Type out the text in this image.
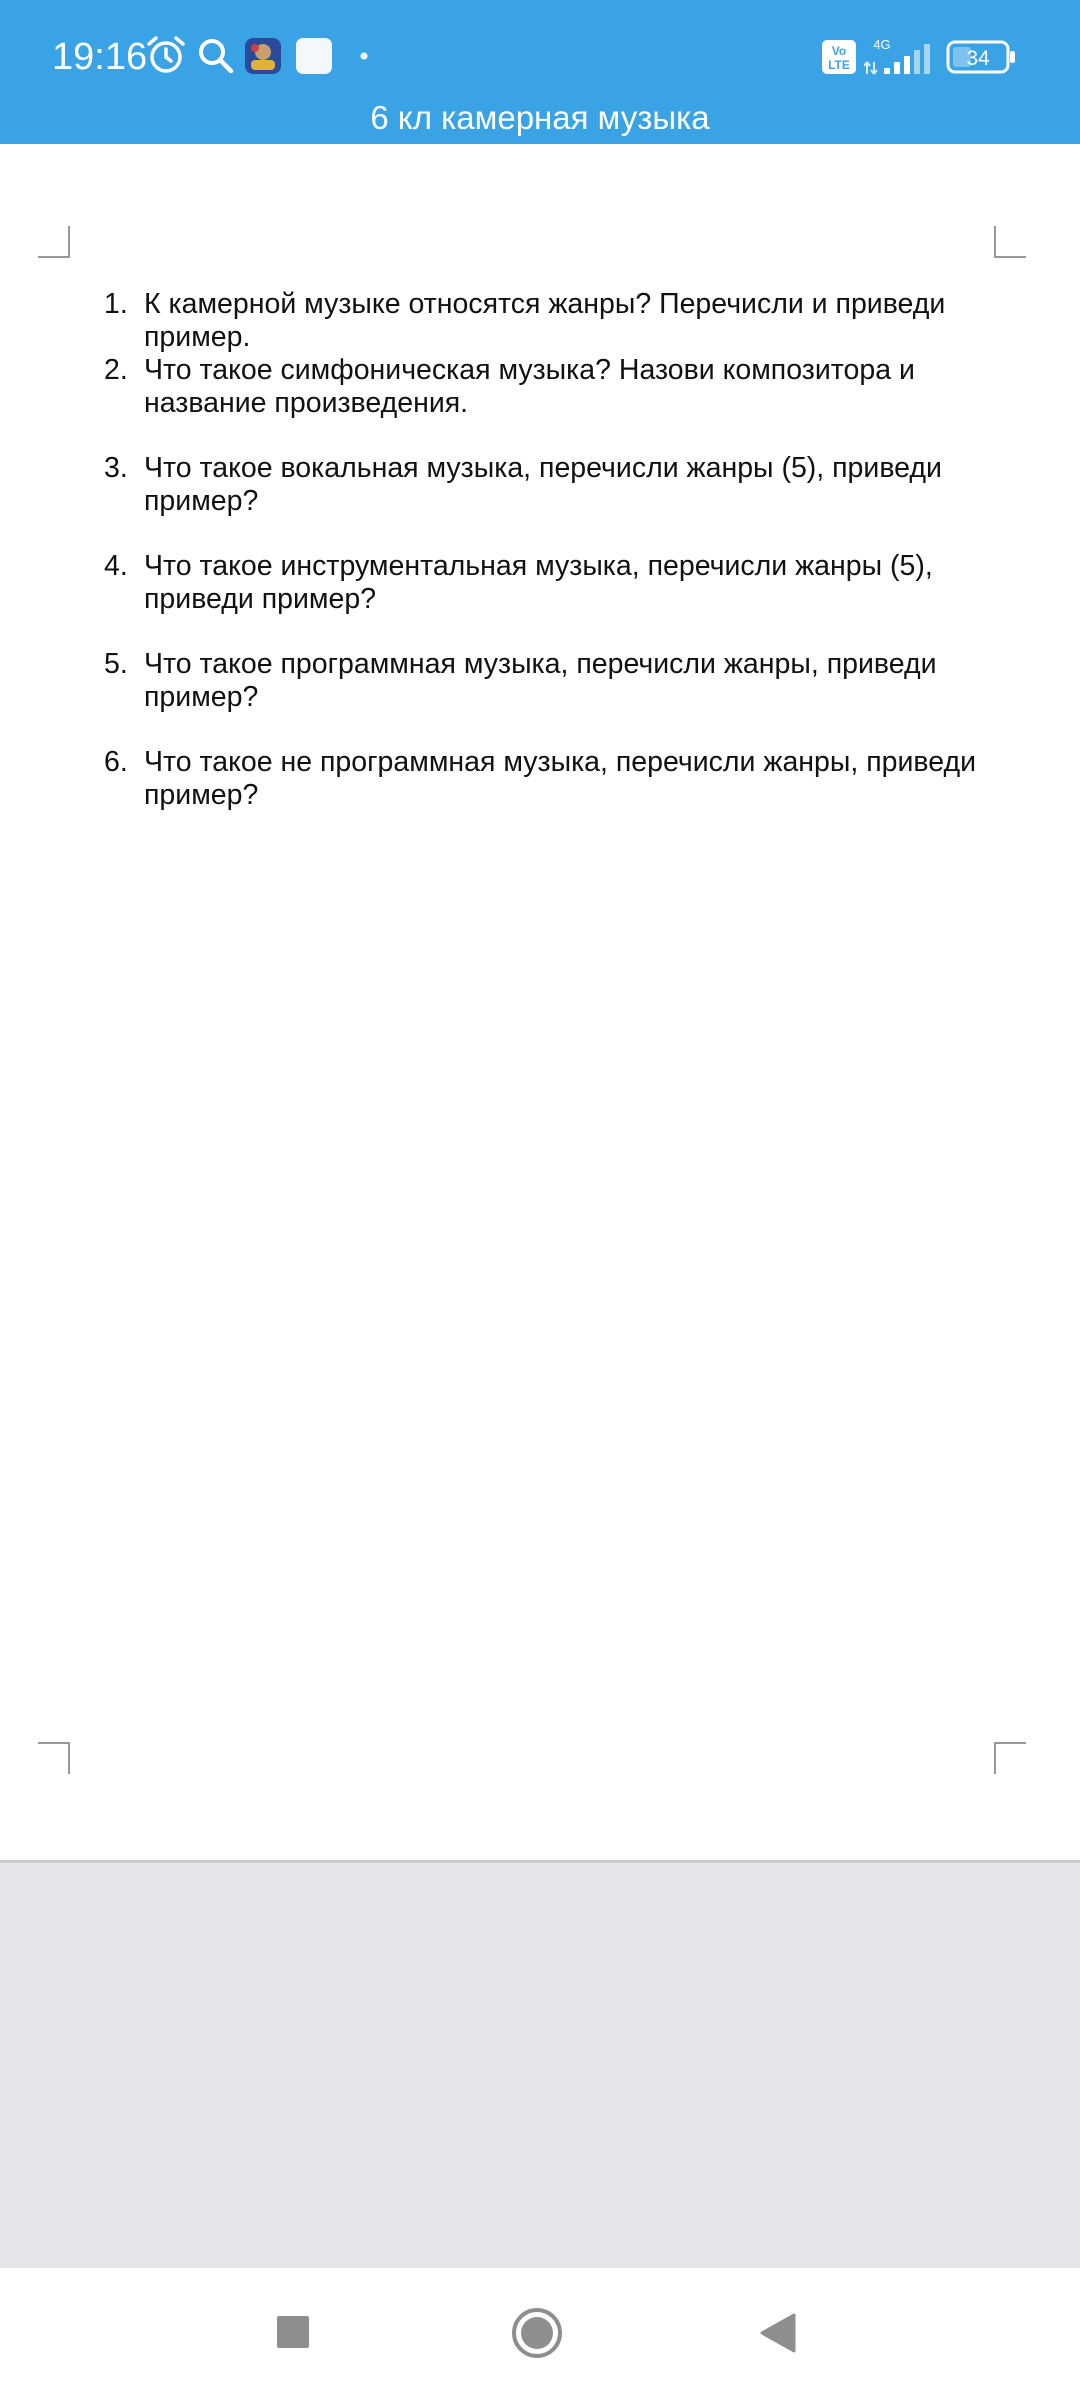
19:16	Vo
LTE
4G
34
6 кл камерная музыка
1. К камерной музыке относятся жанры? Перечисли и приведи пример.
2. Что такое симфоническая музыка? Назови композитора и название произведения.
3. Что такое вокальная музыка, перечисли жанры (5), приведи пример?
4. Что такое инструментальная музыка, перечисли жанры (5), приведи пример?
5. Что такое программная музыка, перечисли жанры, приведи пример?
6. Что такое не программная музыка, перечисли жанры, приведи пример?
